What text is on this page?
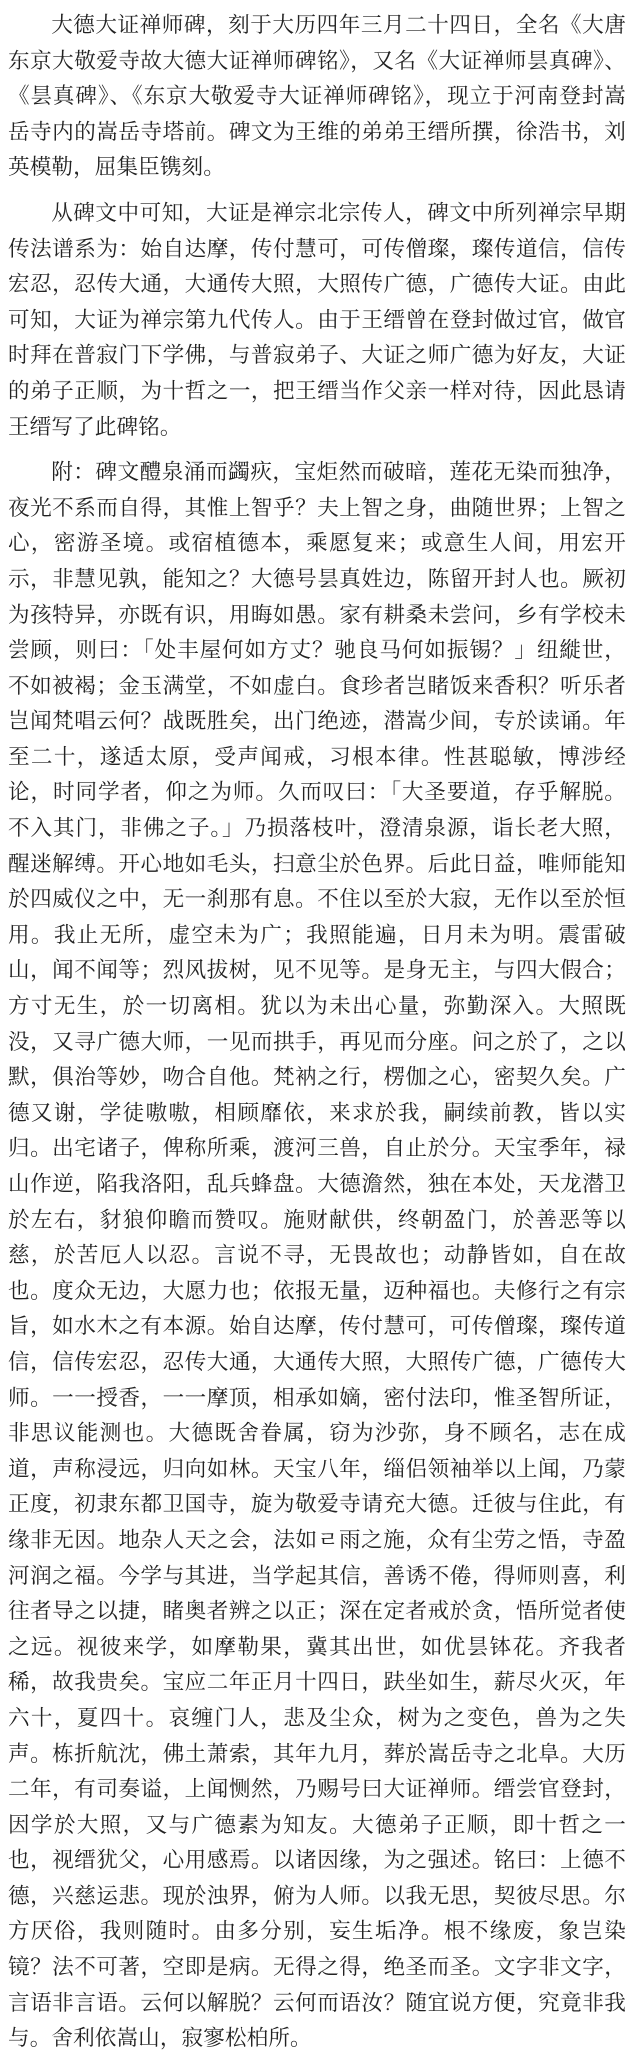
大德大证禅师碑，刻于大历四年三月二十四日，全名《大唐东京大敬爱寺故大德大证禅师碑铭》，又名《大证禅师昙真碑》、《昙真碑》、《东京大敬爱寺大证禅师碑铭》，现立于河南登封嵩岳寺内的嵩岳寺塔前。碑文为王维的弟弟王缙所撰，徐浩书，刘英模勒，屈集臣镌刻。

从碑文中可知，大证是禅宗北宗传人，碑文中所列禅宗早期传法谱系为：始自达摩，传付慧可，可传僧璨，璨传道信，信传宏忍，忍传大通，大通传大照，大照传广德，广德传大证。由此可知，大证为禅宗第九代传人。由于王缙曾在登封做过官，做官时拜在普寂门下学佛，与普寂弟子、大证之师广德为好友，大证的弟子正顺，为十哲之一，把王缙当作父亲一样对待，因此恳请王缙写了此碑铭。

附：碑文醴泉涌而蠲疢，宝炬然而破暗，莲花无染而独净，夜光不系而自得，其惟上智乎？夫上智之身，曲随世界；上智之心，密游圣境。或宿植德本，乘愿复来；或意生人间，用宏开示，非慧见孰，能知之？大德号昙真姓边，陈留开封人也。厥初为孩特异，亦既有识，用晦如愚。家有耕桑未尝问，乡有学校未尝顾，则曰：「处丰屋何如方丈？驰良马何如振锡？」纽縰世，不如被褐；金玉满堂，不如虚白。食珍者岂睹饭来香积？听乐者岂闻梵唱云何？战既胜矣，出门绝迹，潜嵩少间，专於读诵。年至二十，遂适太原，受声闻戒，习根本律。性甚聪敏，博涉经论，时同学者，仰之为师。久而叹曰：「大圣要道，存乎解脱。不入其门，非佛之子。」乃损落枝叶，澄清泉源，诣长老大照，醒迷解缚。开心地如毛头，扫意尘於色界。后此日益，唯师能知於四威仪之中，无一刹那有息。不住以至於大寂，无作以至於恒用。我止无所，虚空未为广；我照能遍，日月未为明。震雷破山，闻不闻等；烈风拔树，见不见等。是身无主，与四大假合；方寸无生，於一切离相。犹以为未出心量，弥勤深入。大照既没，又寻广德大师，一见而拱手，再见而分座。问之於了，之以默，俱治等妙，吻合自他。梵衲之行，楞伽之心，密契久矣。广德又谢，学徒嗷嗷，相顾靡依，来求於我，嗣续前教，皆以实归。出宅诸子，俾称所乘，渡河三兽，自止於分。天宝季年，禄山作逆，陷我洛阳，乱兵蜂盘。大德澹然，独在本处，天龙潜卫於左右，豺狼仰瞻而赞叹。施财献供，终朝盈门，於善恶等以慈，於苦厄人以忍。言说不寻，无畏故也；动静皆如，自在故也。度众无边，大愿力也；依报无量，迈种福也。夫修行之有宗旨，如水木之有本源。始自达摩，传付慧可，可传僧璨，璨传道信，信传宏忍，忍传大通，大通传大照，大照传广德，广德传大师。一一授香，一一摩顶，相承如嫡，密付法印，惟圣智所证，非思议能测也。大德既舍眷属，窃为沙弥，身不顾名，志在成道，声称浸远，归向如林。天宝八年，缁侣领袖举以上闻，乃蒙正度，初隶东都卫国寺，旋为敬爱寺请充大德。迁彼与住此，有缘非无因。地杂人天之会，法如ㄹ雨之施，众有尘劳之悟，寺盈河润之福。今学与其进，当学起其信，善诱不倦，得师则喜，利往者导之以捷，睹奥者辨之以正；深在定者戒於贪，悟所觉者使之远。视彼来学，如摩勒果，冀其出世，如优昙钵花。齐我者稀，故我贵矣。宝应二年正月十四日，趺坐如生，薪尽火灭，年六十，夏四十。哀缠门人，悲及尘众，树为之变色，兽为之失声。栋折航沈，佛土萧索，其年九月，葬於嵩岳寺之北阜。大历二年，有司奏谥，上闻恻然，乃赐号曰大证禅师。缙尝官登封，因学於大照，又与广德素为知友。大德弟子正顺，即十哲之一也，视缙犹父，心用感焉。以诸因缘，为之强述。铭曰：上德不德，兴慈运悲。现於浊界，俯为人师。以我无思，契彼尽思。尔方厌俗，我则随时。由多分别，妄生垢净。根不缘废，象岂染镜？法不可著，空即是病。无得之得，绝圣而圣。文字非文字，言语非言语。云何以解脱？云何而语汝？随宜说方便，究竟非我与。舍利依嵩山，寂寥松柏所。
